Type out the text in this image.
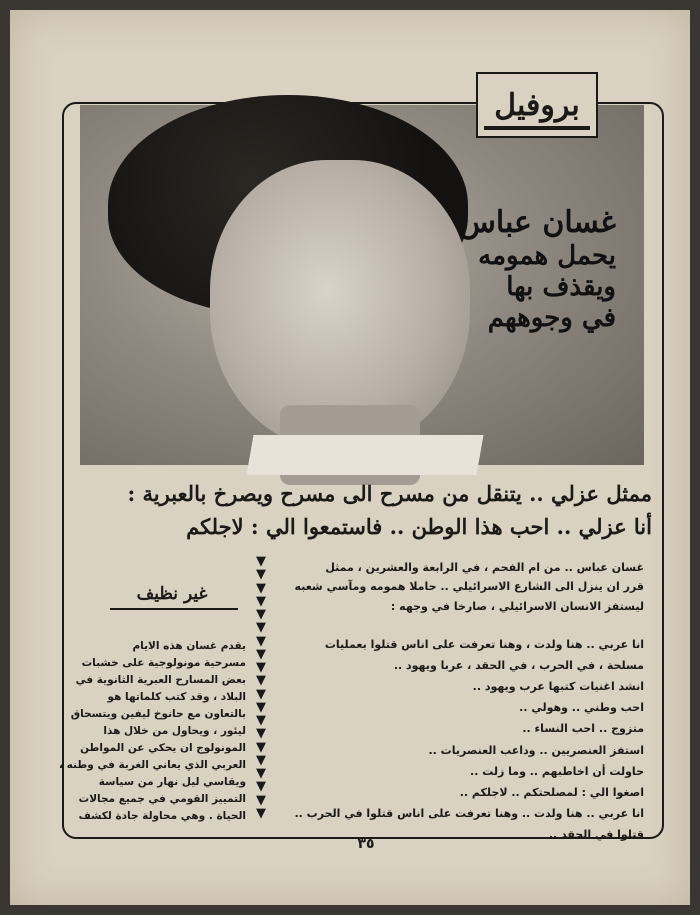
غسان عباس
يحمل همومه
ويقذف بها
في وجوههم
بروفيل
ممثل عزلي .. يتنقل من مسرح الى مسرح ويصرخ بالعبرية :
أنا عزلي .. احب هذا الوطن .. فاستمعوا الي : لاجلكم
غير نظيف
يقدم غسان هذه الايام
مسرحية مونولوجية على خشبات
بعض المسارح العبرية الثانوية في
البلاد ، وقد كتب كلماتها هو
بالتعاون مع حانوخ ليفين ويتسحاق
ليئور ، ويحاول من خلال هذا
المونولوج ان يحكي عن المواطن
العربي الذي يعاني الغربة في وطنه ،
ويقاسي ليل نهار من سياسة
التمييز القومي في جميع مجالات
الحياة . وهي محاولة جادة لكشف
▼
▼
▼
▼
▼
▼
▼
▼
▼
▼
▼
▼
▼
▼
▼
▼
▼
▼
▼
▼
غسان عباس .. من ام الفحم ، في الرابعة والعشرين ، ممثل
قرر ان ينزل الى الشارع الاسرائيلي .. حاملا همومه ومآسي شعبه
ليستفز الانسان الاسرائيلي ، صارخا في وجهه :
انا عربي .. هنا ولدت ، وهنا تعرفت على اناس قتلوا بعمليات
مسلحة ، في الحرب ، في الحقد ، عربا ويهود ..
انشد اغنيات كتبها عرب ويهود ..
احب وطني .. وهولي ..
متزوج .. احب النساء ..
استفز العنصريين .. وداعب العنصريات ..
حاولت أن اخاطبهم .. وما زلت ..
اصغوا الي : لمصلحتكم .. لاجلكم ..
انا عربي .. هنا ولدت .. وهنا تعرفت على اناس قتلوا في الحرب ..
قتلوا في الحقد ..
٣٥
